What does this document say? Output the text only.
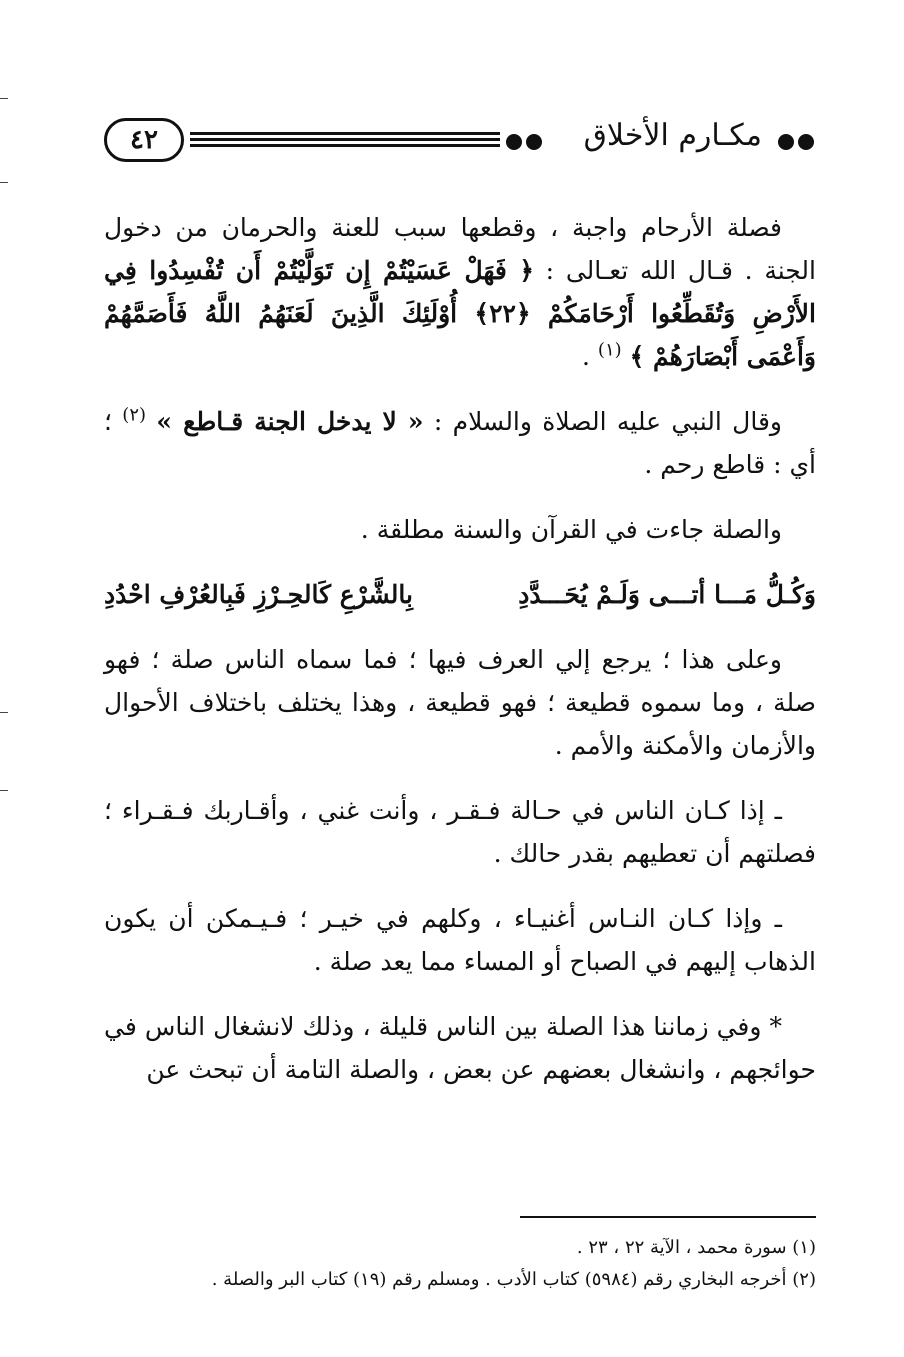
٤٢	مكـارم الأخلاق

فصلة الأرحام واجبة ، وقطعها سبب للعنة والحرمان من دخول الجنة . قـال الله تعـالى : ﴿ فَهَلْ عَسَيْتُمْ إِن تَوَلَّيْتُمْ أَن تُفْسِدُوا فِي الأَرْضِ وَتُقَطِّعُوا أَرْحَامَكُمْ ﴿٢٢﴾ أُوْلَئِكَ الَّذِينَ لَعَنَهُمُ اللَّهُ فَأَصَمَّهُمْ وَأَعْمَى أَبْصَارَهُمْ ﴾ $^{(١)}$ .

وقال النبي عليه الصلاة والسلام : « لا يدخل الجنة قـاطع » $^{(٢)}$ ؛ أي : قاطع رحم .

والصلة جاءت في القرآن والسنة مطلقة .

وَكُـلُّ مَـــا أتـــى وَلَـمْ يُحَـــدَّدِ
بِالشَّرْعِ كَالحِـرْزِ فَبِالعُرْفِ احْدُدِ

وعلى هذا ؛ يرجع إلي العرف فيها ؛ فما سماه الناس صلة ؛ فهو صلة ، وما سموه قطيعة ؛ فهو قطيعة ، وهذا يختلف باختلاف الأحوال والأزمان والأمكنة والأمم .

ـ إذا كـان الناس في حـالة فـقـر ، وأنت غني ، وأقـاربك فـقـراء ؛ فصلتهم أن تعطيهم بقدر حالك .

ـ وإذا كـان النـاس أغنيـاء ، وكلهم في خيـر ؛ فـيـمكن أن يكون الذهاب إليهم في الصباح أو المساء مما يعد صلة .

* وفي زماننا هذا الصلة بين الناس قليلة ، وذلك لانشغال الناس في حوائجهم ، وانشغال بعضهم عن بعض ، والصلة التامة أن تبحث عن

(١) سورة محمد ، الآية ٢٢ ، ٢٣ .
(٢) أخرجه البخاري رقم (٥٩٨٤) كتاب الأدب . ومسلم رقم (١٩) كتاب البر والصلة .
